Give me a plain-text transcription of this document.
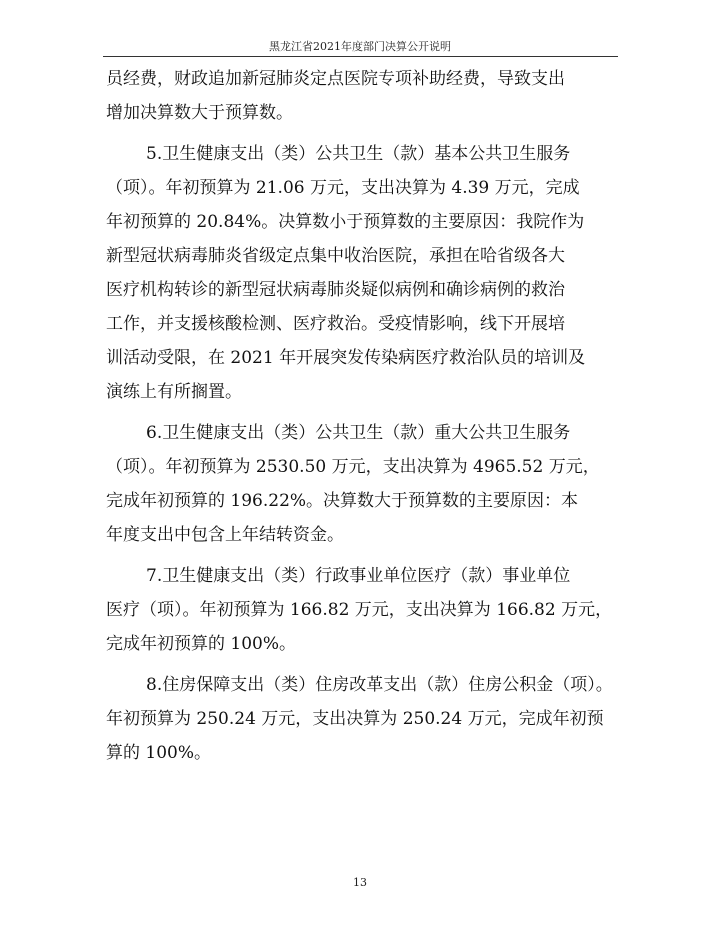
黑龙江省2021年度部门决算公开说明

员经费，财政追加新冠肺炎定点医院专项补助经费，导致支出
增加决算数大于预算数。

5.卫生健康支出（类）公共卫生（款）基本公共卫生服务
（项）。年初预算为 21.06 万元，支出决算为 4.39 万元，完成
年初预算的 20.84%。决算数小于预算数的主要原因：我院作为
新型冠状病毒肺炎省级定点集中收治医院，承担在哈省级各大
医疗机构转诊的新型冠状病毒肺炎疑似病例和确诊病例的救治
工作，并支援核酸检测、医疗救治。受疫情影响，线下开展培
训活动受限，在 2021 年开展突发传染病医疗救治队员的培训及
演练上有所搁置。

6.卫生健康支出（类）公共卫生（款）重大公共卫生服务
（项）。年初预算为 2530.50 万元，支出决算为 4965.52 万元，
完成年初预算的 196.22%。决算数大于预算数的主要原因：本
年度支出中包含上年结转资金。

7.卫生健康支出（类）行政事业单位医疗（款）事业单位
医疗（项）。年初预算为 166.82 万元，支出决算为 166.82 万元，
完成年初预算的 100%。

8.住房保障支出（类）住房改革支出（款）住房公积金（项）。
年初预算为 250.24 万元，支出决算为 250.24 万元，完成年初预
算的 100%。

13
